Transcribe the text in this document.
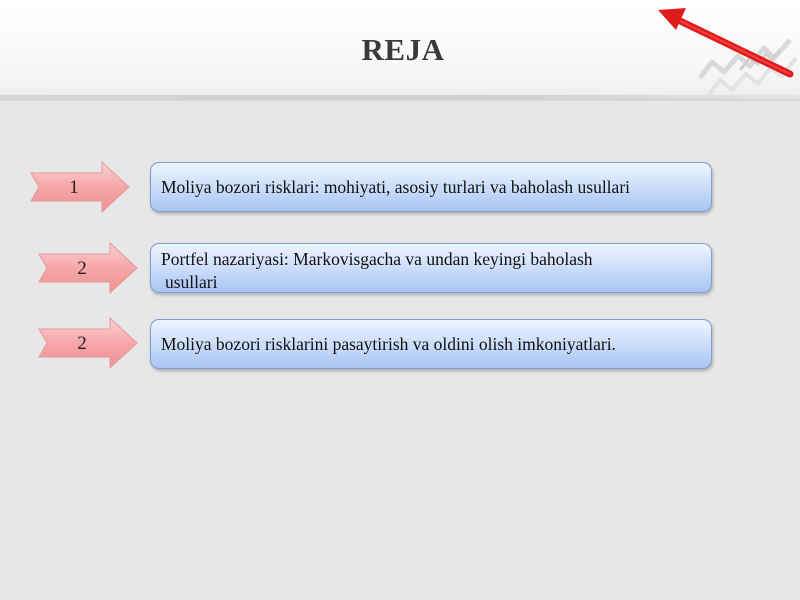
REJA
1	Moliya bozori risklari: mohiyati, asosiy turlari va baholash usullari
2	Portfel nazariyasi: Markovisgacha va undan keyingi baholash
usullari
2	Moliya bozori risklarini pasaytirish va oldini olish imkoniyatlari.
